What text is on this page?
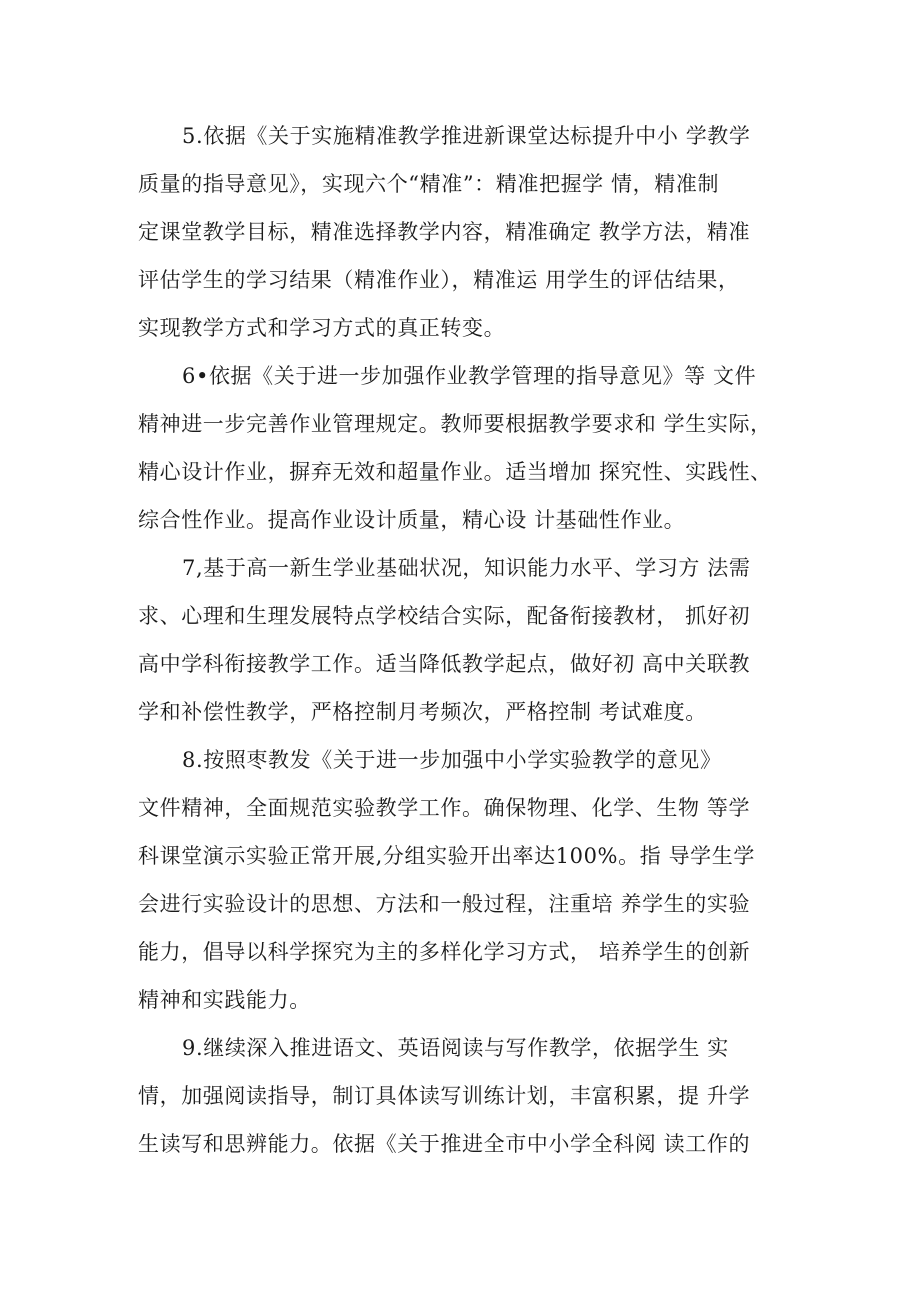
5.依据《关于实施精准教学推进新课堂达标提升中小 学教学
质量的指导意见》，实现六个“精准”：精准把握学 情，精准制
定课堂教学目标，精准选择教学内容，精准确定 教学方法，精准
评估学生的学习结果（精准作业），精准运 用学生的评估结果，
实现教学方式和学习方式的真正转变。
6•依据《关于进一步加强作业教学管理的指导意见》等 文件
精神进一步完善作业管理规定。教师要根据教学要求和 学生实际，
精心设计作业，摒弃无效和超量作业。适当增加 探究性、实践性、
综合性作业。提高作业设计质量，精心设 计基础性作业。
7,基于高一新生学业基础状况，知识能力水平、学习方 法需
求、心理和生理发展特点学校结合实际，配备衔接教材， 抓好初
高中学科衔接教学工作。适当降低教学起点，做好初 高中关联教
学和补偿性教学，严格控制月考频次，严格控制 考试难度。
8.按照枣教发《关于进一步加强中小学实验教学的意见》
文件精神，全面规范实验教学工作。确保物理、化学、生物 等学
科课堂演示实验正常开展,分组实验开出率达100%。指 导学生学
会进行实验设计的思想、方法和一般过程，注重培 养学生的实验
能力，倡导以科学探究为主的多样化学习方式， 培养学生的创新
精神和实践能力。
9.继续深入推进语文、英语阅读与写作教学，依据学生 实
情，加强阅读指导，制订具体读写训练计划，丰富积累，提 升学
生读写和思辨能力。依据《关于推进全市中小学全科阅 读工作的
